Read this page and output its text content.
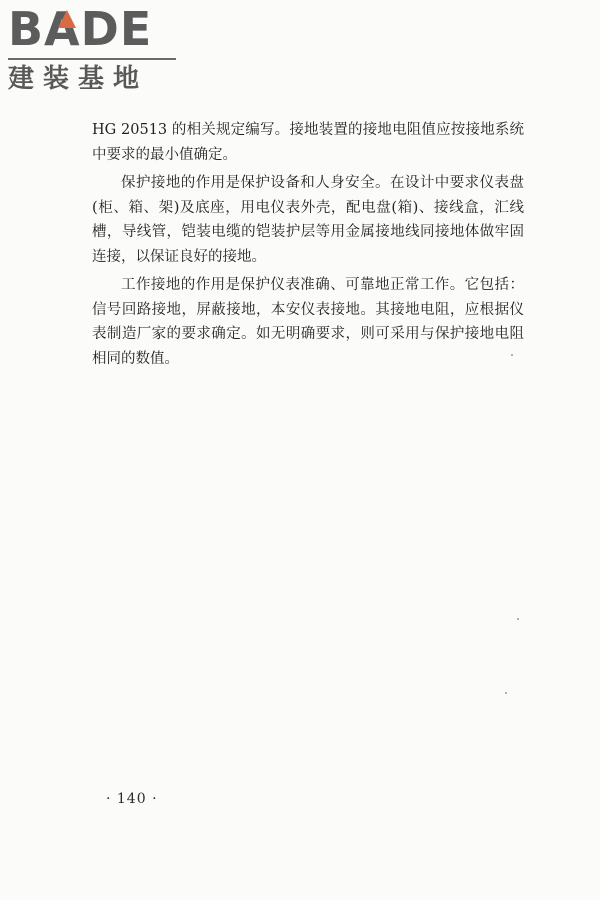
BADE
建装基地

HG 20513 的相关规定编写。接地装置的接地电阻值应按接地系统中要求的最小值确定。

保护接地的作用是保护设备和人身安全。在设计中要求仪表盘(柜、箱、架)及底座，用电仪表外壳，配电盘(箱)、接线盒，汇线槽，导线管，铠装电缆的铠装护层等用金属接地线同接地体做牢固连接，以保证良好的接地。

工作接地的作用是保护仪表准确、可靠地正常工作。它包括：信号回路接地，屏蔽接地，本安仪表接地。其接地电阻，应根据仪表制造厂家的要求确定。如无明确要求，则可采用与保护接地电阻相同的数值。

· 140 ·
